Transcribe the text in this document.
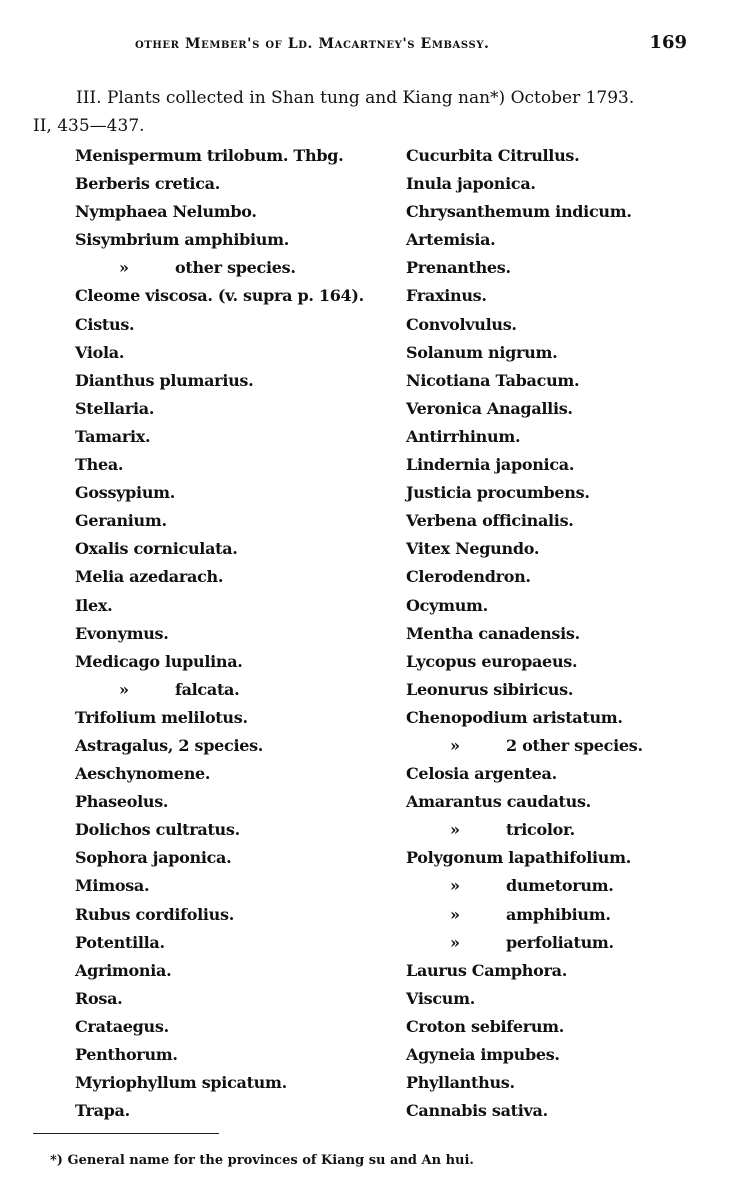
other Member's of Ld. Macartney's Embassy.	169
III. Plants collected in Shan tung and Kiang nan*) October 1793.
II, 435—437.
Menispermum trilobum. Thbg.
Berberis cretica.
Nymphaea Nelumbo.
Sisymbrium amphibium.
»	other species.
Cleome viscosa. (v. supra p. 164).
Cistus.
Viola.
Dianthus plumarius.
Stellaria.
Tamarix.
Thea.
Gossypium.
Geranium.
Oxalis corniculata.
Melia azedarach.
Ilex.
Evonymus.
Medicago lupulina.
»	falcata.
Trifolium melilotus.
Astragalus, 2 species.
Aeschynomene.
Phaseolus.
Dolichos cultratus.
Sophora japonica.
Mimosa.
Rubus cordifolius.
Potentilla.
Agrimonia.
Rosa.
Crataegus.
Penthorum.
Myriophyllum spicatum.
Trapa.
Cucurbita Citrullus.
Inula japonica.
Chrysanthemum indicum.
Artemisia.
Prenanthes.
Fraxinus.
Convolvulus.
Solanum nigrum.
Nicotiana Tabacum.
Veronica Anagallis.
Antirrhinum.
Lindernia japonica.
Justicia procumbens.
Verbena officinalis.
Vitex Negundo.
Clerodendron.
Ocymum.
Mentha canadensis.
Lycopus europaeus.
Leonurus sibiricus.
Chenopodium aristatum.
»	2 other species.
Celosia argentea.
Amarantus caudatus.
»	tricolor.
Polygonum lapathifolium.
»	dumetorum.
»	amphibium.
»	perfoliatum.
Laurus Camphora.
Viscum.
Croton sebiferum.
Agyneia impubes.
Phyllanthus.
Cannabis sativa.
*) General name for the provinces of Kiang su and An hui.
